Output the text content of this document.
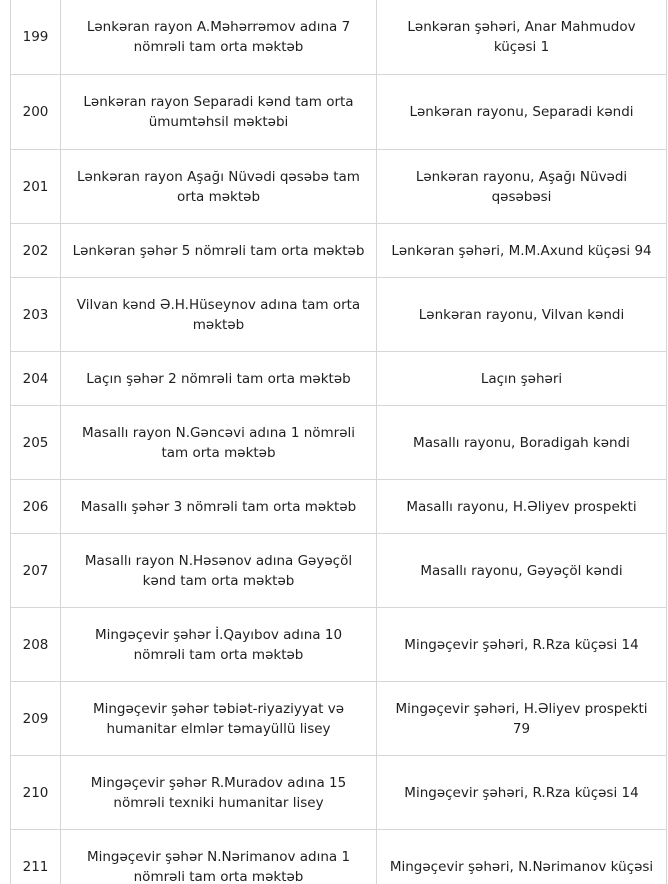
199	Lənkəran rayon A.Məhərrəmov adına 7 nömrəli tam orta məktəb	Lənkəran şəhəri, Anar Mahmudov küçəsi 1
200	Lənkəran rayon Separadi kənd tam orta ümumtəhsil məktəbi	Lənkəran rayonu, Separadi kəndi
201	Lənkəran rayon Aşağı Nüvədi qəsəbə tam orta məktəb	Lənkəran rayonu, Aşağı Nüvədi qəsəbəsi
202	Lənkəran şəhər 5 nömrəli tam orta məktəb	Lənkəran şəhəri, M.M.Axund küçəsi 94
203	Vilvan kənd Ə.H.Hüseynov adına tam orta məktəb	Lənkəran rayonu, Vilvan kəndi
204	Laçın şəhər 2 nömrəli tam orta məktəb	Laçın şəhəri
205	Masallı rayon N.Gəncəvi adına 1 nömrəli tam orta məktəb	Masallı rayonu, Boradigah kəndi
206	Masallı şəhər 3 nömrəli tam orta məktəb	Masallı rayonu, H.Əliyev prospekti
207	Masallı rayon N.Həsənov adına Gəyəçöl kənd tam orta məktəb	Masallı rayonu, Gəyəçöl kəndi
208	Mingəçevir şəhər İ.Qayıbov adına 10 nömrəli tam orta məktəb	Mingəçevir şəhəri, R.Rza küçəsi 14
209	Mingəçevir şəhər təbiət-riyaziyyat və humanitar elmlər təmayüllü lisey	Mingəçevir şəhəri, H.Əliyev prospekti 79
210	Mingəçevir şəhər R.Muradov adına 15 nömrəli texniki humanitar lisey	Mingəçevir şəhəri, R.Rza küçəsi 14
211	Mingəçevir şəhər N.Nərimanov adına 1 nömrəli tam orta məktəb	Mingəçevir şəhəri, N.Nərimanov küçəsi
